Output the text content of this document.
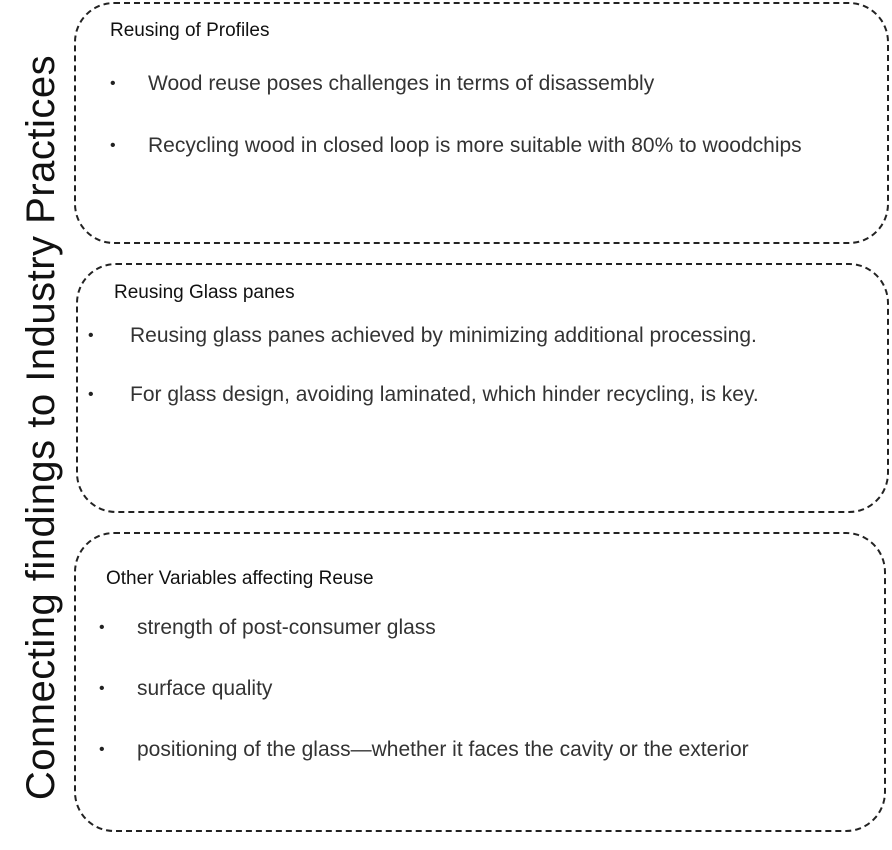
Connecting findings to Industry Practices
Reusing of Profiles
• Wood reuse poses challenges in terms of disassembly
• Recycling wood in closed loop is more suitable with 80% to woodchips
Reusing Glass panes
• Reusing glass panes achieved by minimizing additional processing.
• For glass design, avoiding laminated, which hinder recycling, is key.
Other Variables affecting Reuse
• strength of post-consumer glass
• surface quality
• positioning of the glass—whether it faces the cavity or the exterior
